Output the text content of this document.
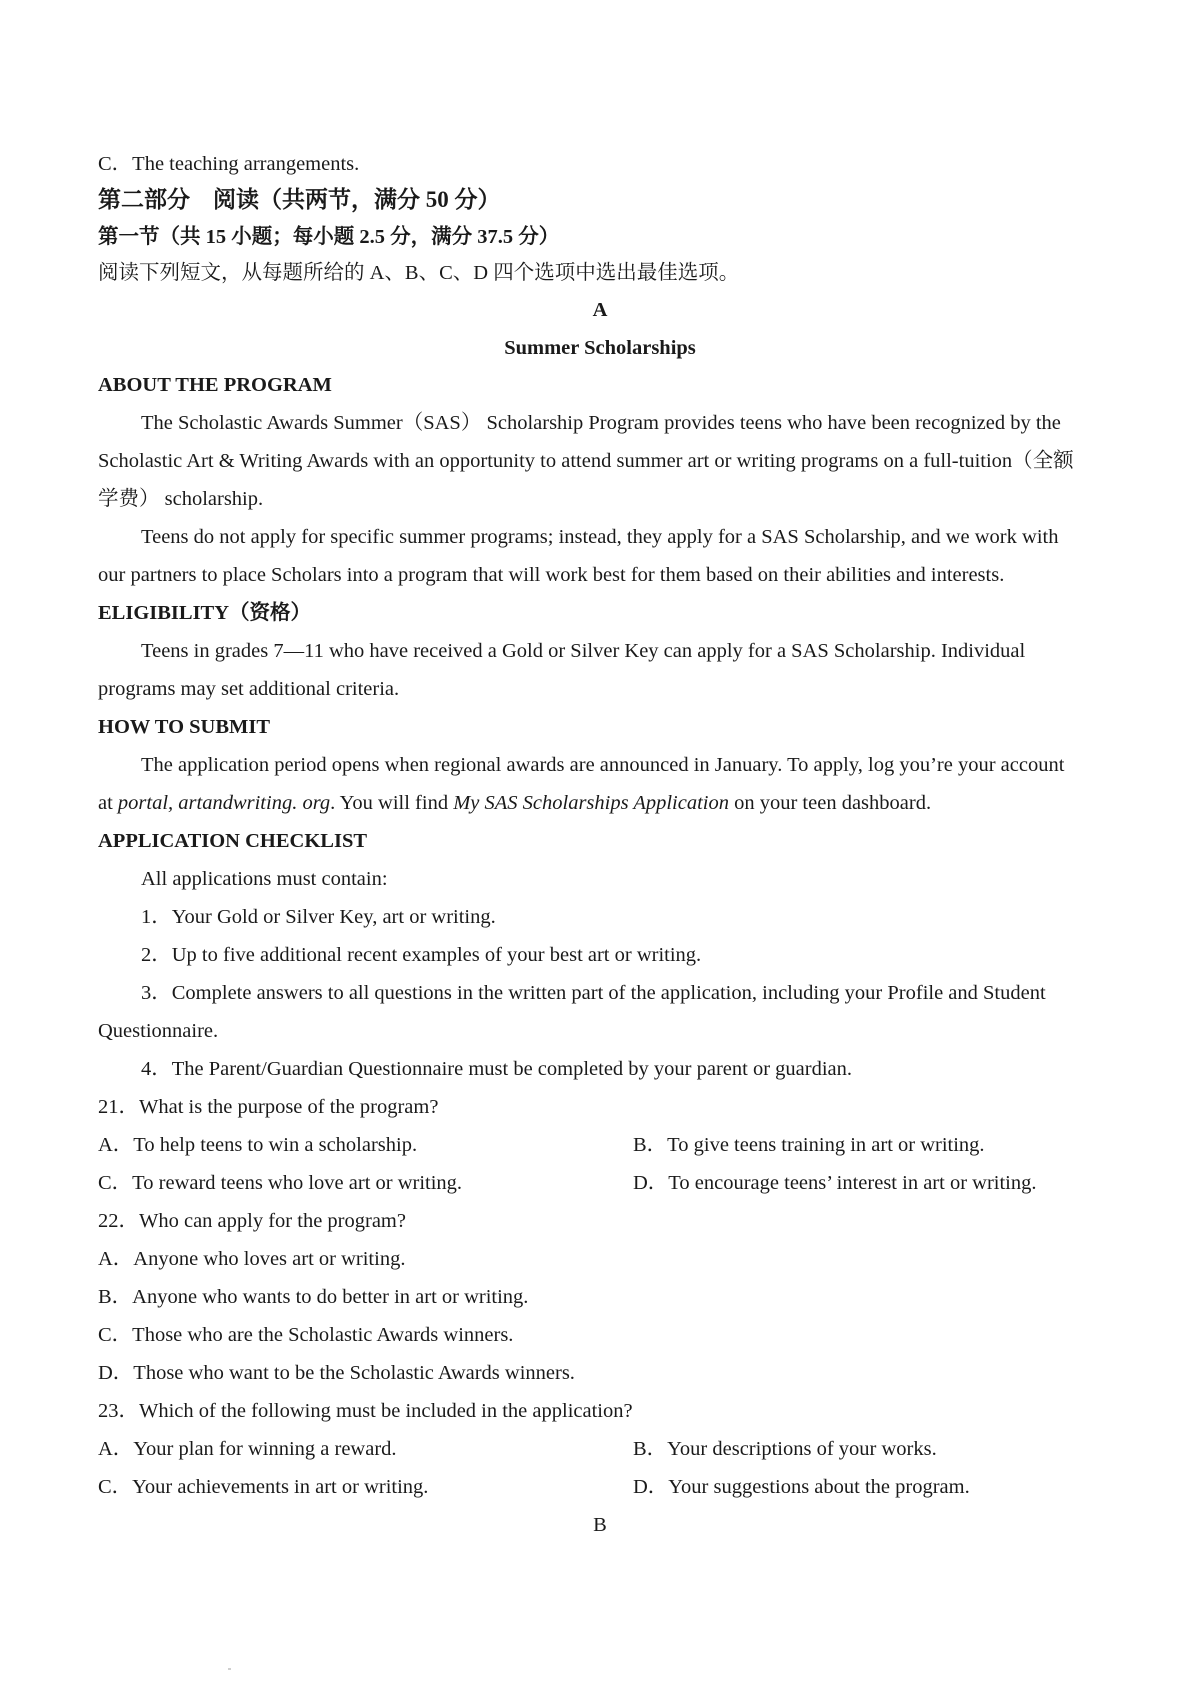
C．The teaching arrangements.
第二部分　阅读（共两节，满分 50 分）
第一节（共 15 小题；每小题 2.5 分，满分 37.5 分）
阅读下列短文，从每题所给的 A、B、C、D 四个选项中选出最佳选项。
A
Summer Scholarships
ABOUT THE PROGRAM
The Scholastic Awards Summer（SAS） Scholarship Program provides teens who have been recognized by the
Scholastic Art & Writing Awards with an opportunity to attend summer art or writing programs on a full-tuition（全额
学费） scholarship.
Teens do not apply for specific summer programs; instead, they apply for a SAS Scholarship, and we work with
our partners to place Scholars into a program that will work best for them based on their abilities and interests.
ELIGIBILITY（资格）
Teens in grades 7—11 who have received a Gold or Silver Key can apply for a SAS Scholarship. Individual
programs may set additional criteria.
HOW TO SUBMIT
The application period opens when regional awards are announced in January. To apply, log you’re your account
at portal, artandwriting. org. You will find My SAS Scholarships Application on your teen dashboard.
APPLICATION CHECKLIST
All applications must contain:
1．Your Gold or Silver Key, art or writing.
2．Up to five additional recent examples of your best art or writing.
3．Complete answers to all questions in the written part of the application, including your Profile and Student
Questionnaire.
4．The Parent/Guardian Questionnaire must be completed by your parent or guardian.
21．What is the purpose of the program?
A．To help teens to win a scholarship.	B．To give teens training in art or writing.
C．To reward teens who love art or writing.	D．To encourage teens’ interest in art or writing.
22．Who can apply for the program?
A．Anyone who loves art or writing.
B．Anyone who wants to do better in art or writing.
C．Those who are the Scholastic Awards winners.
D．Those who want to be the Scholastic Awards winners.
23．Which of the following must be included in the application?
A．Your plan for winning a reward.	B．Your descriptions of your works.
C．Your achievements in art or writing.	D．Your suggestions about the program.
B
